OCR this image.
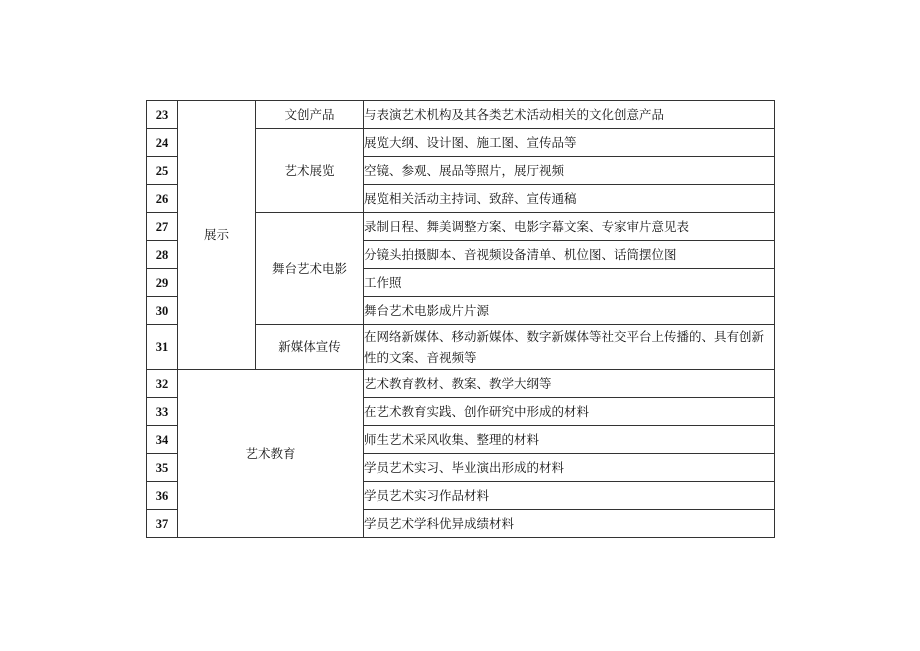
23	展示	文创产品	与表演艺术机构及其各类艺术活动相关的文化创意产品
24		艺术展览	展览大纲、设计图、施工图、宣传品等
25			空镜、参观、展品等照片，展厅视频
26			展览相关活动主持词、致辞、宣传通稿
27		舞台艺术电影	录制日程、舞美调整方案、电影字幕文案、专家审片意见表
28			分镜头拍摄脚本、音视频设备清单、机位图、话筒摆位图
29			工作照
30			舞台艺术电影成片片源
31		新媒体宣传	在网络新媒体、移动新媒体、数字新媒体等社交平台上传播的、具有创新性的文案、音视频等
32	艺术教育		艺术教育教材、教案、教学大纲等
33			在艺术教育实践、创作研究中形成的材料
34			师生艺术采风收集、整理的材料
35			学员艺术实习、毕业演出形成的材料
36			学员艺术实习作品材料
37			学员艺术学科优异成绩材料
